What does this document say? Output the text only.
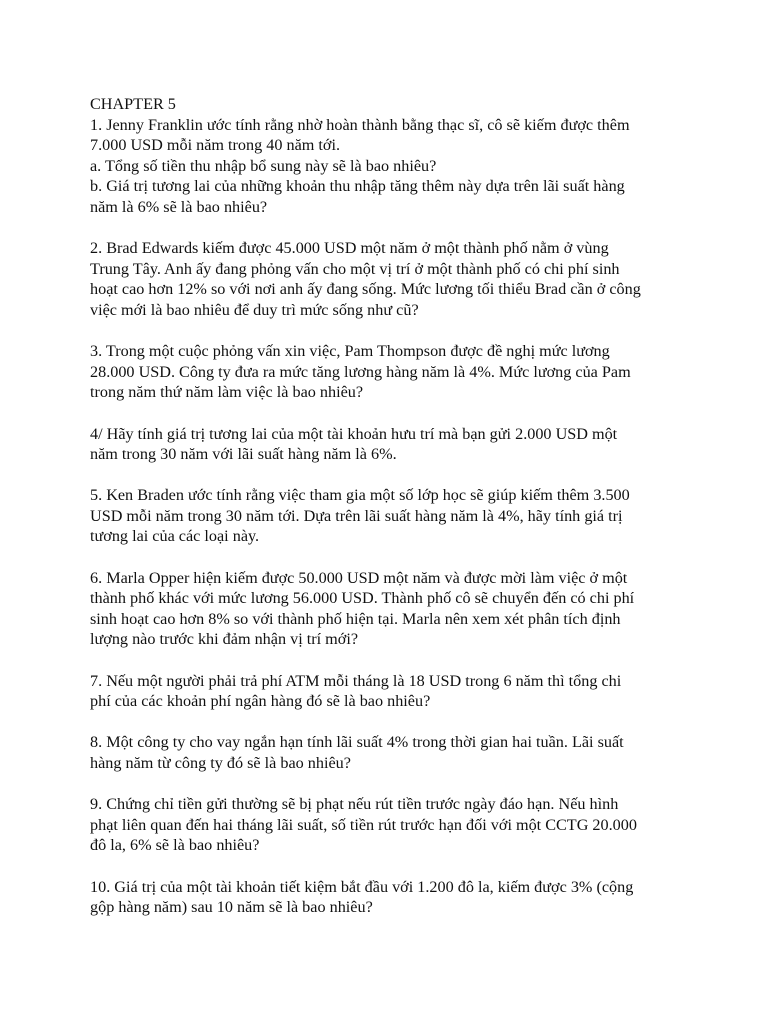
CHAPTER 5
1. Jenny Franklin ước tính rằng nhờ hoàn thành bằng thạc sĩ, cô sẽ kiếm được thêm
7.000 USD mỗi năm trong 40 năm tới.
a. Tổng số tiền thu nhập bổ sung này sẽ là bao nhiêu?
b. Giá trị tương lai của những khoản thu nhập tăng thêm này dựa trên lãi suất hàng
năm là 6% sẽ là bao nhiêu?
2. Brad Edwards kiếm được 45.000 USD một năm ở một thành phố nằm ở vùng
Trung Tây. Anh ấy đang phỏng vấn cho một vị trí ở một thành phố có chi phí sinh
hoạt cao hơn 12% so với nơi anh ấy đang sống. Mức lương tối thiểu Brad cần ở công
việc mới là bao nhiêu để duy trì mức sống như cũ?
3. Trong một cuộc phỏng vấn xin việc, Pam Thompson được đề nghị mức lương
28.000 USD. Công ty đưa ra mức tăng lương hàng năm là 4%. Mức lương của Pam
trong năm thứ năm làm việc là bao nhiêu?
4/ Hãy tính giá trị tương lai của một tài khoản hưu trí mà bạn gửi 2.000 USD một
năm trong 30 năm với lãi suất hàng năm là 6%.
5. Ken Braden ước tính rằng việc tham gia một số lớp học sẽ giúp kiếm thêm 3.500
USD mỗi năm trong 30 năm tới. Dựa trên lãi suất hàng năm là 4%, hãy tính giá trị
tương lai của các loại này.
6. Marla Opper hiện kiếm được 50.000 USD một năm và được mời làm việc ở một
thành phố khác với mức lương 56.000 USD. Thành phố cô sẽ chuyển đến có chi phí
sinh hoạt cao hơn 8% so với thành phố hiện tại. Marla nên xem xét phân tích định
lượng nào trước khi đảm nhận vị trí mới?
7. Nếu một người phải trả phí ATM mỗi tháng là 18 USD trong 6 năm thì tổng chi
phí của các khoản phí ngân hàng đó sẽ là bao nhiêu?
8. Một công ty cho vay ngắn hạn tính lãi suất 4% trong thời gian hai tuần. Lãi suất
hàng năm từ công ty đó sẽ là bao nhiêu?
9. Chứng chỉ tiền gửi thường sẽ bị phạt nếu rút tiền trước ngày đáo hạn. Nếu hình
phạt liên quan đến hai tháng lãi suất, số tiền rút trước hạn đối với một CCTG 20.000
đô la, 6% sẽ là bao nhiêu?
10. Giá trị của một tài khoản tiết kiệm bắt đầu với 1.200 đô la, kiếm được 3% (cộng
gộp hàng năm) sau 10 năm sẽ là bao nhiêu?
